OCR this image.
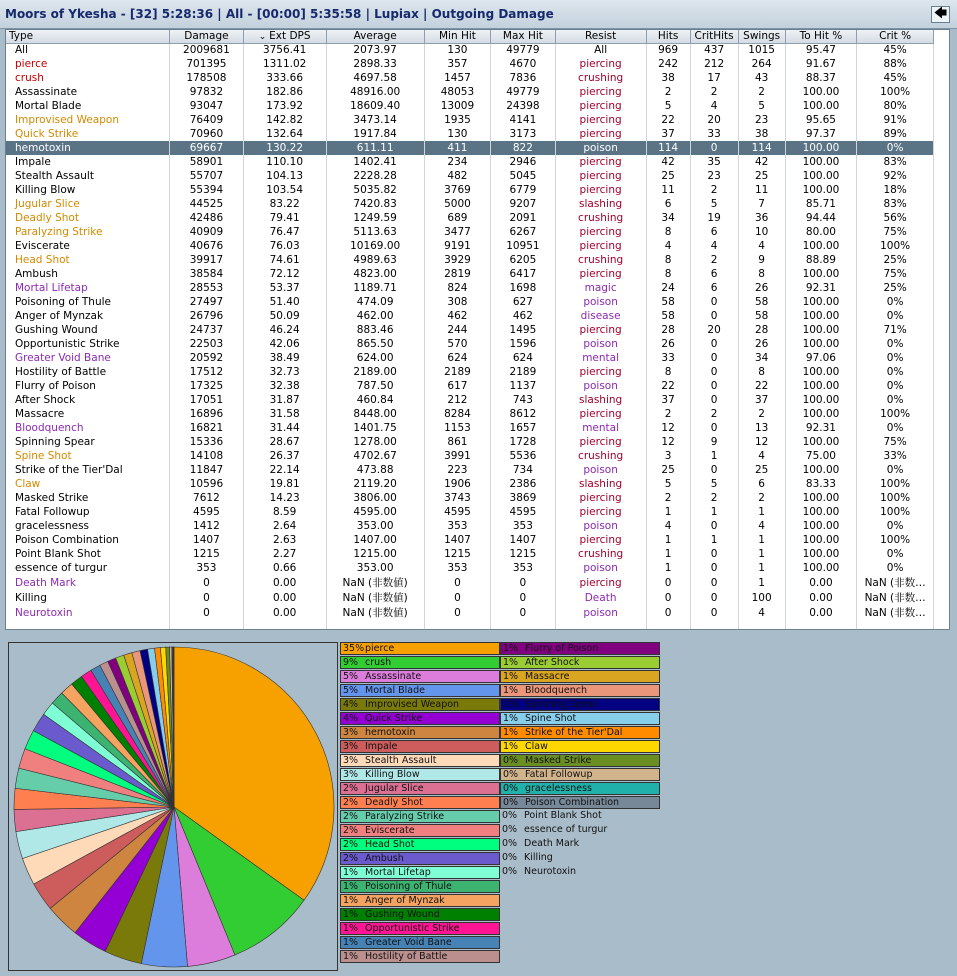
Moors of Ykesha - [32] 5:28:36 | All - [00:00] 5:35:58 | Lupiax | Outgoing Damage	🡄
Type	Damage	⌄ Ext DPS	Average	Min Hit	Max Hit	Resist	Hits	CritHits	Swings	To Hit %	Crit %
All	2009681	3756.41	2073.97	130	49779	All	969	437	1015	95.47	45%
pierce	701395	1311.02	2898.33	357	4670	piercing	242	212	264	91.67	88%
crush	178508	333.66	4697.58	1457	7836	crushing	38	17	43	88.37	45%
Assassinate	97832	182.86	48916.00	48053	49779	piercing	2	2	2	100.00	100%
Mortal Blade	93047	173.92	18609.40	13009	24398	piercing	5	4	5	100.00	80%
Improvised Weapon	76409	142.82	3473.14	1935	4141	piercing	22	20	23	95.65	91%
Quick Strike	70960	132.64	1917.84	130	3173	piercing	37	33	38	97.37	89%
hemotoxin	69667	130.22	611.11	411	822	poison	114	0	114	100.00	0%
Impale	58901	110.10	1402.41	234	2946	piercing	42	35	42	100.00	83%
Stealth Assault	55707	104.13	2228.28	482	5045	piercing	25	23	25	100.00	92%
Killing Blow	55394	103.54	5035.82	3769	6779	piercing	11	2	11	100.00	18%
Jugular Slice	44525	83.22	7420.83	5000	9207	slashing	6	5	7	85.71	83%
Deadly Shot	42486	79.41	1249.59	689	2091	crushing	34	19	36	94.44	56%
Paralyzing Strike	40909	76.47	5113.63	3477	6267	piercing	8	6	10	80.00	75%
Eviscerate	40676	76.03	10169.00	9191	10951	piercing	4	4	4	100.00	100%
Head Shot	39917	74.61	4989.63	3929	6205	crushing	8	2	9	88.89	25%
Ambush	38584	72.12	4823.00	2819	6417	piercing	8	6	8	100.00	75%
Mortal Lifetap	28553	53.37	1189.71	824	1698	magic	24	6	26	92.31	25%
Poisoning of Thule	27497	51.40	474.09	308	627	poison	58	0	58	100.00	0%
Anger of Mynzak	26796	50.09	462.00	462	462	disease	58	0	58	100.00	0%
Gushing Wound	24737	46.24	883.46	244	1495	piercing	28	20	28	100.00	71%
Opportunistic Strike	22503	42.06	865.50	570	1596	poison	26	0	26	100.00	0%
Greater Void Bane	20592	38.49	624.00	624	624	mental	33	0	34	97.06	0%
Hostility of Battle	17512	32.73	2189.00	2189	2189	piercing	8	0	8	100.00	0%
Flurry of Poison	17325	32.38	787.50	617	1137	poison	22	0	22	100.00	0%
After Shock	17051	31.87	460.84	212	743	slashing	37	0	37	100.00	0%
Massacre	16896	31.58	8448.00	8284	8612	piercing	2	2	2	100.00	100%
Bloodquench	16821	31.44	1401.75	1153	1657	mental	12	0	13	92.31	0%
Spinning Spear	15336	28.67	1278.00	861	1728	piercing	12	9	12	100.00	75%
Spine Shot	14108	26.37	4702.67	3991	5536	crushing	3	1	4	75.00	33%
Strike of the Tier'Dal	11847	22.14	473.88	223	734	poison	25	0	25	100.00	0%
Claw	10596	19.81	2119.20	1906	2386	slashing	5	5	6	83.33	100%
Masked Strike	7612	14.23	3806.00	3743	3869	piercing	2	2	2	100.00	100%
Fatal Followup	4595	8.59	4595.00	4595	4595	piercing	1	1	1	100.00	100%
gracelessness	1412	2.64	353.00	353	353	poison	4	0	4	100.00	0%
Poison Combination	1407	2.63	1407.00	1407	1407	piercing	1	1	1	100.00	100%
Point Blank Shot	1215	2.27	1215.00	1215	1215	crushing	1	0	1	100.00	0%
essence of turgur	353	0.66	353.00	353	353	poison	1	0	1	100.00	0%
Death Mark	0	0.00	NaN (非数値)	0	0	piercing	0	0	1	0.00	NaN (非数…
Killing	0	0.00	NaN (非数値)	0	0	Death	0	0	100	0.00	NaN (非数…
Neurotoxin	0	0.00	NaN (非数値)	0	0	poison	0	0	4	0.00	NaN (非数…

35%pierce
9% crush
5% Assassinate
5% Mortal Blade
4% Improvised Weapon
4% Quick Strike
3% hemotoxin
3% Impale
3% Stealth Assault
3% Killing Blow
2% Jugular Slice
2% Deadly Shot
2% Paralyzing Strike
2% Eviscerate
2% Head Shot
2% Ambush
1% Mortal Lifetap
1% Poisoning of Thule
1% Anger of Mynzak
1% Gushing Wound
1% Opportunistic Strike
1% Greater Void Bane
1% Hostility of Battle
1% Flurry of Poison
1% After Shock
1% Massacre
1% Bloodquench
1% Spinning Spear
1% Spine Shot
1% Strike of the Tier'Dal
1% Claw
0% Masked Strike
0% Fatal Followup
0% gracelessness
0% Poison Combination
0% Point Blank Shot
0% essence of turgur
0% Death Mark
0% Killing
0% Neurotoxin
